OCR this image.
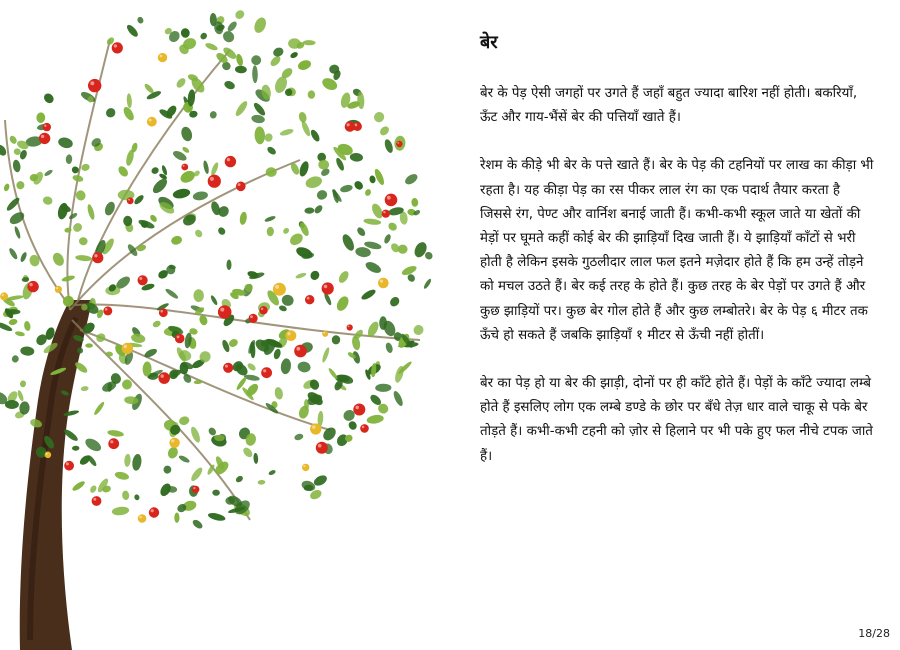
बेर

बेर के पेड़ ऐसी जगहों पर उगते हैं जहाँ बहुत ज्यादा बारिश नहीं होती। बकरियाँ, ऊँट और गाय-भैंसें बेर की पत्तियाँ खाते हैं।

रेशम के कीड़े भी बेर के पत्ते खाते हैं। बेर के पेड़ की टहनियों पर लाख का कीड़ा भी रहता है। यह कीड़ा पेड़ का रस पीकर लाल रंग का एक पदार्थ तैयार करता है जिससे रंग, पेण्ट और वार्निश बनाई जाती हैं। कभी-कभी स्कूल जाते या खेतों की मेड़ों पर घूमते कहीं कोई बेर की झाड़ियाँ दिख जाती हैं। ये झाड़ियाँ काँटों से भरी होती है लेकिन इसके गुठलीदार लाल फल इतने मज़ेदार होते हैं कि हम उन्हें तोड़ने को मचल उठते हैं। बेर कई तरह के होते हैं। कुछ तरह के बेर पेड़ों पर उगते हैं और कुछ झाड़ियों पर। कुछ बेर गोल होते हैं और कुछ लम्बोतरे। बेर के पेड़ ६ मीटर तक ऊँचे हो सकते हैं जबकि झाड़ियाँ १ मीटर से ऊँची नहीं होतीं।

बेर का पेड़ हो या बेर की झाड़ी, दोनों पर ही काँटे होते हैं। पेड़ों के काँटे ज्यादा लम्बे होते हैं इसलिए लोग एक लम्बे डण्डे के छोर पर बँधे तेज़ धार वाले चाकू से पके बेर तोड़ते हैं। कभी-कभी टहनी को ज़ोर से हिलाने पर भी पके हुए फल नीचे टपक जाते हैं।

18/28
